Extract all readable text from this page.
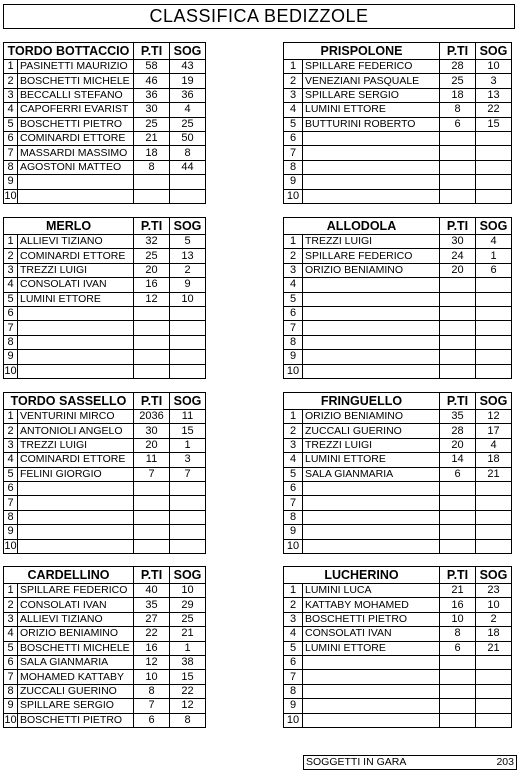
CLASSIFICA BEDIZZOLE
TORDO BOTTACCIO		P.TI	SOG
1	PASINETTI MAURIZIO	58	43
2	BOSCHETTI MICHELE	46	19
3	BECCALLI STEFANO	36	36
4	CAPOFERRI EVARIST	30	4
5	BOSCHETTI PIETRO	25	25
6	COMINARDI ETTORE	21	50
7	MASSARDI MASSIMO	18	8
8	AGOSTONI MATTEO	8	44
9			
10			
PRISPOLONE		P.TI	SOG
1	SPILLARE FEDERICO	28	10
2	VENEZIANI PASQUALE	25	3
3	SPILLARE SERGIO	18	13
4	LUMINI ETTORE	8	22
5	BUTTURINI ROBERTO	6	15
6			
7			
8			
9			
10			
MERLO		P.TI	SOG
1	ALLIEVI TIZIANO	32	5
2	COMINARDI ETTORE	25	13
3	TREZZI LUIGI	20	2
4	CONSOLATI IVAN	16	9
5	LUMINI ETTORE	12	10
6			
7			
8			
9			
10			
ALLODOLA		P.TI	SOG
1	TREZZI LUIGI	30	4
2	SPILLARE FEDERICO	24	1
3	ORIZIO BENIAMINO	20	6
4			
5			
6			
7			
8			
9			
10			
TORDO SASSELLO		P.TI	SOG
1	VENTURINI MIRCO	2036	11
2	ANTONIOLI ANGELO	30	15
3	TREZZI LUIGI	20	1
4	COMINARDI ETTORE	11	3
5	FELINI GIORGIO	7	7
6			
7			
8			
9			
10			
FRINGUELLO		P.TI	SOG
1	ORIZIO BENIAMINO	35	12
2	ZUCCALI GUERINO	28	17
3	TREZZI LUIGI	20	4
4	LUMINI ETTORE	14	18
5	SALA GIANMARIA	6	21
6			
7			
8			
9			
10			
CARDELLINO		P.TI	SOG
1	SPILLARE FEDERICO	40	10
2	CONSOLATI IVAN	35	29
3	ALLIEVI TIZIANO	27	25
4	ORIZIO BENIAMINO	22	21
5	BOSCHETTI MICHELE	16	1
6	SALA GIANMARIA	12	38
7	MOHAMED KATTABY	10	15
8	ZUCCALI GUERINO	8	22
9	SPILLARE SERGIO	7	12
10	BOSCHETTI PIETRO	6	8
LUCHERINO		P.TI	SOG
1	LUMINI LUCA	21	23
2	KATTABY MOHAMED	16	10
3	BOSCHETTI PIETRO	10	2
4	CONSOLATI IVAN	8	18
5	LUMINI ETTORE	6	21
6			
7			
8			
9			
10			
SOGGETTI IN GARA	203
